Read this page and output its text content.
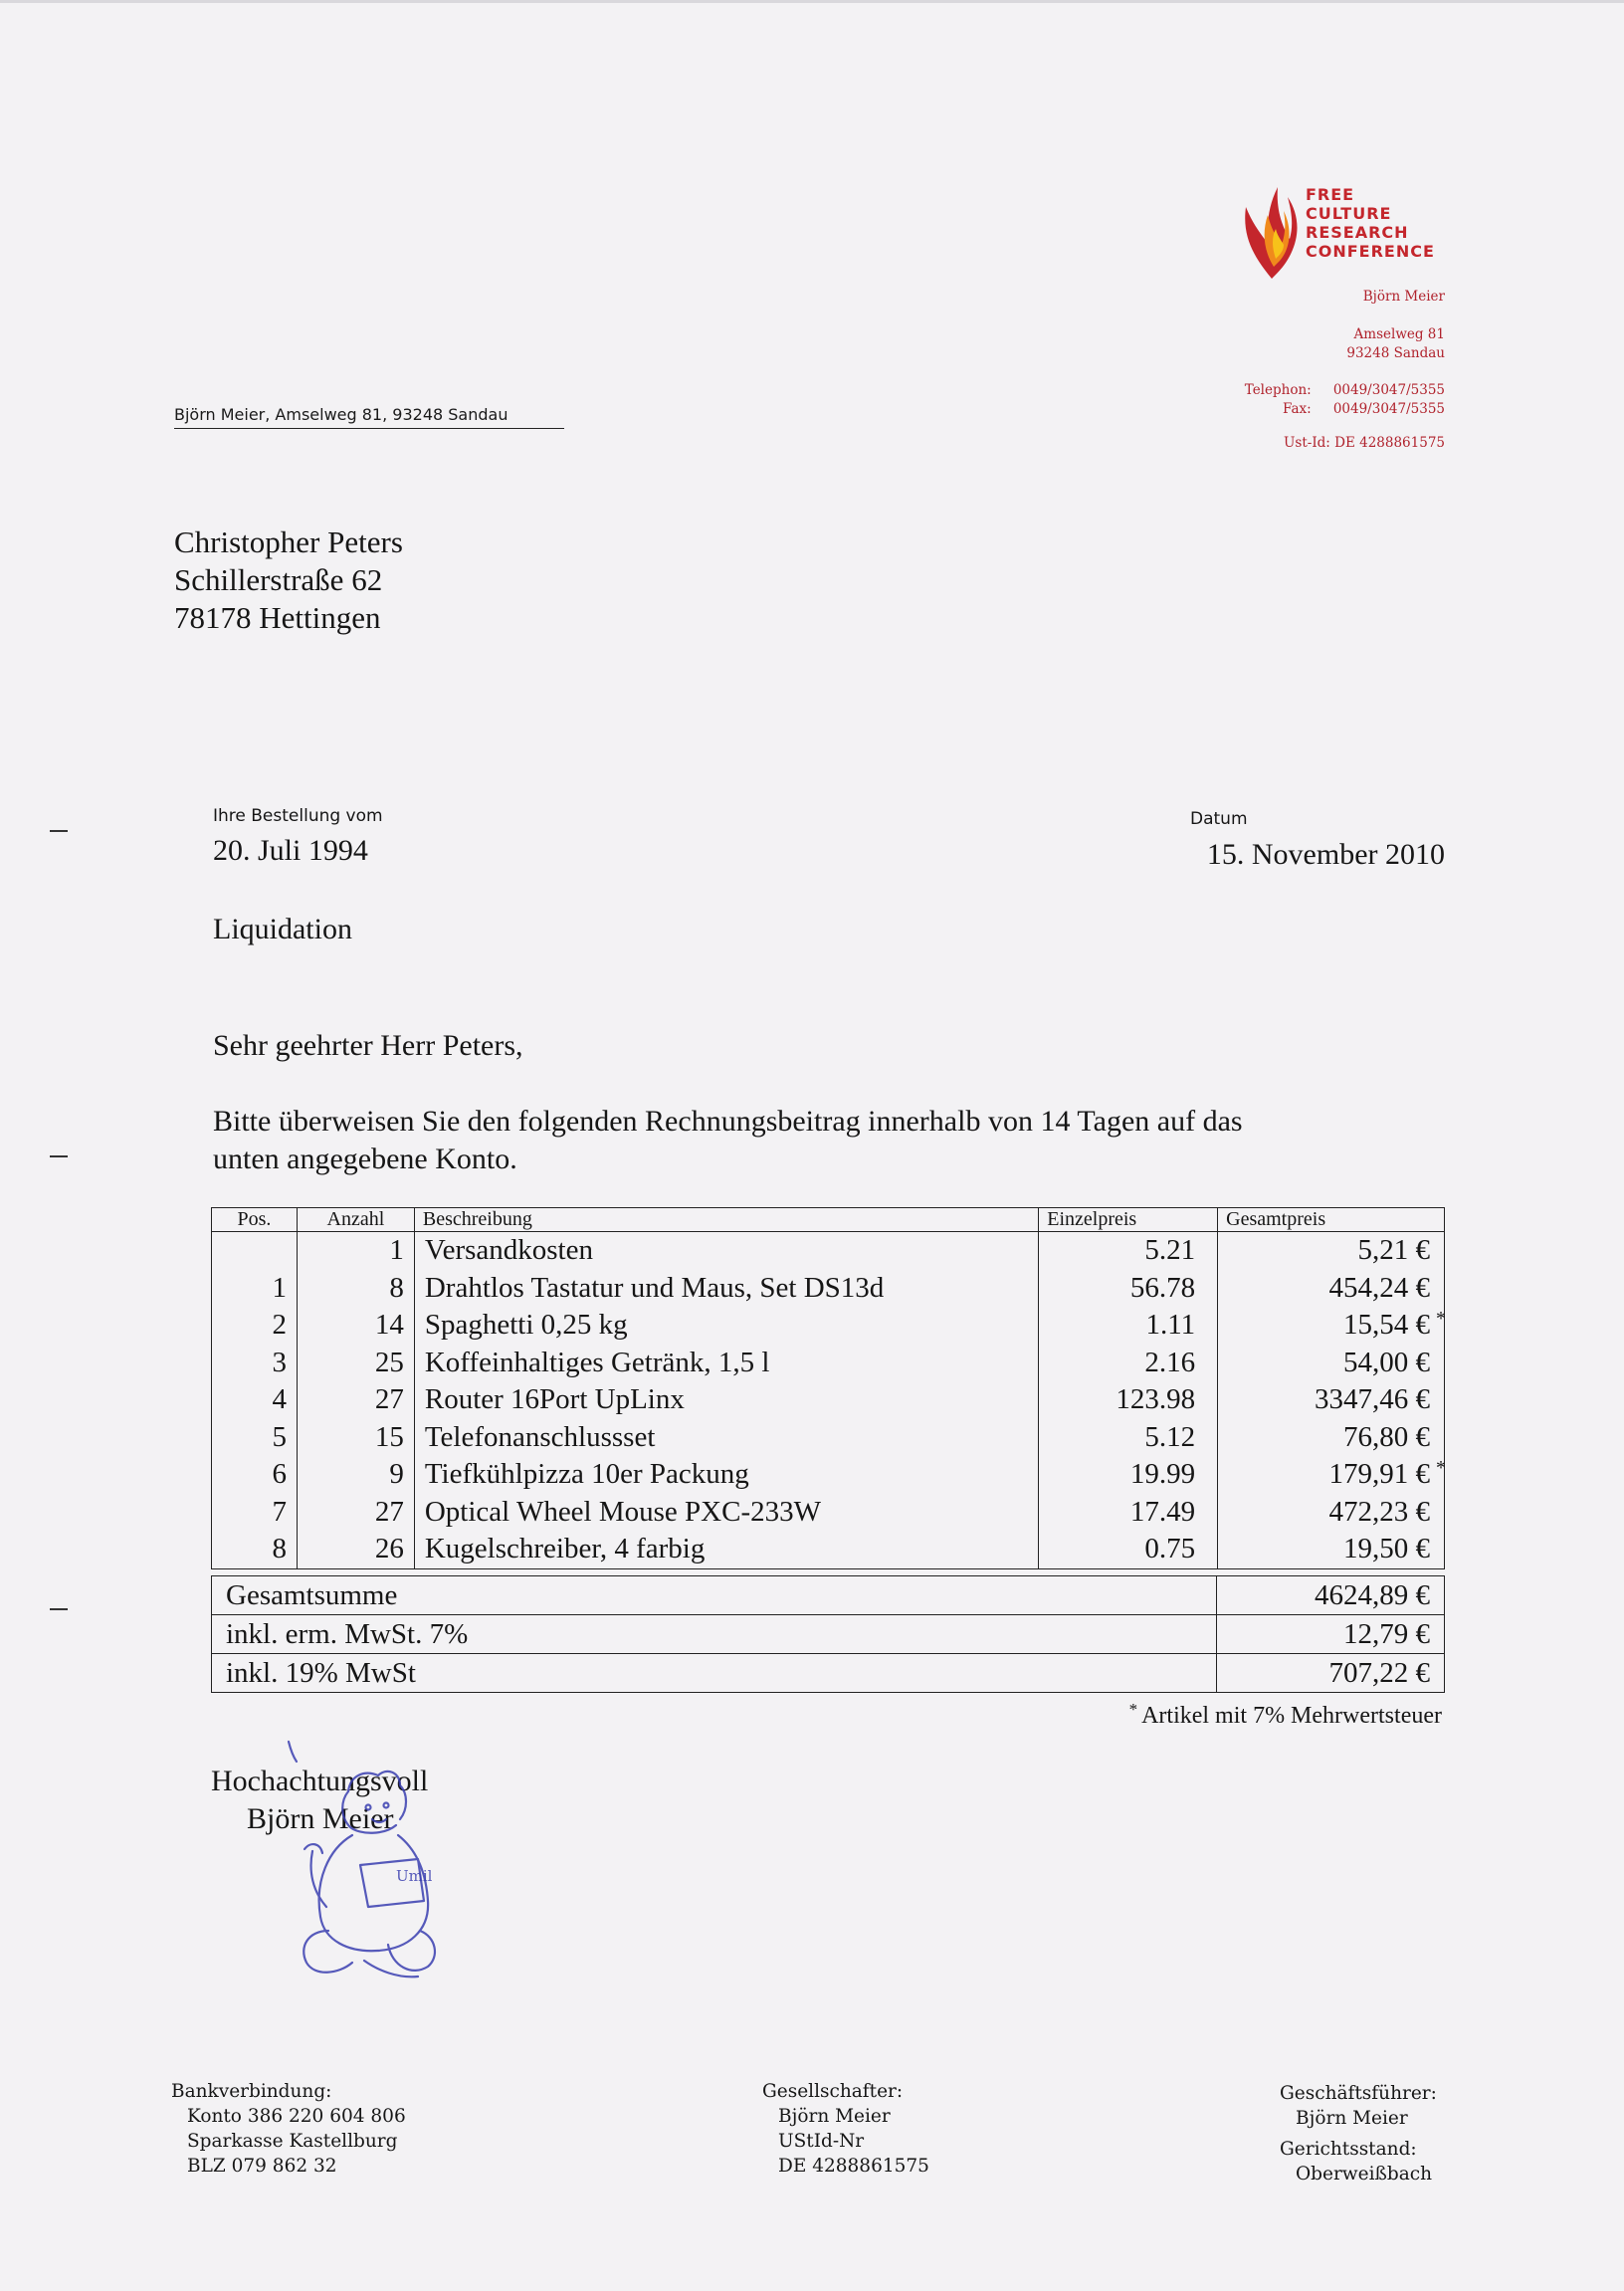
FREE
CULTURE
RESEARCH
CONFERENCE
Björn Meier
Amselweg 81
93248 Sandau
Telephon: 0049/3047/5355
Fax: 0049/3047/5355
Ust-Id: DE 4288861575
Björn Meier, Amselweg 81, 93248 Sandau
Christopher Peters
Schillerstraße 62
78178 Hettingen
Ihre Bestellung vom
20. Juli 1994
Datum
15. November 2010
Liquidation
Sehr geehrter Herr Peters,
Bitte überweisen Sie den folgenden Rechnungsbeitrag innerhalb von 14 Tagen auf das
unten angegebene Konto.
Pos.	Anzahl	Beschreibung	Einzelpreis	Gesamtpreis
	1	Versandkosten	5.21	5,21 €

1	8	Drahtlos Tastatur und Maus, Set DS13d	56.78	454,24 €

2	14	Spaghetti 0,25 kg	1.11	15,54 € *

3	25	Koffeinhaltiges Getränk, 1,5 l	2.16	54,00 €

4	27	Router 16Port UpLinx	123.98	3347,46 €

5	15	Telefonanschlussset	5.12	76,80 €

6	9	Tiefkühlpizza 10er Packung	19.99	179,91 € *

7	27	Optical Wheel Mouse PXC-233W	17.49	472,23 €

8	26	Kugelschreiber, 4 farbig	0.75	19,50 €
Gesamtsumme	4624,89 €
inkl. erm. MwSt. 7%	12,79 €
inkl. 19% MwSt	707,22 €
* Artikel mit 7% Mehrwertsteuer
Hochachtungsvoll
Björn Meier
Umil
Bankverbindung:
Konto 386 220 604 806
Sparkasse Kastellburg
BLZ 079 862 32
Gesellschafter:
Björn Meier
UStId-Nr
DE 4288861575
Geschäftsführer:
Björn Meier
Gerichtsstand:
Oberweißbach
